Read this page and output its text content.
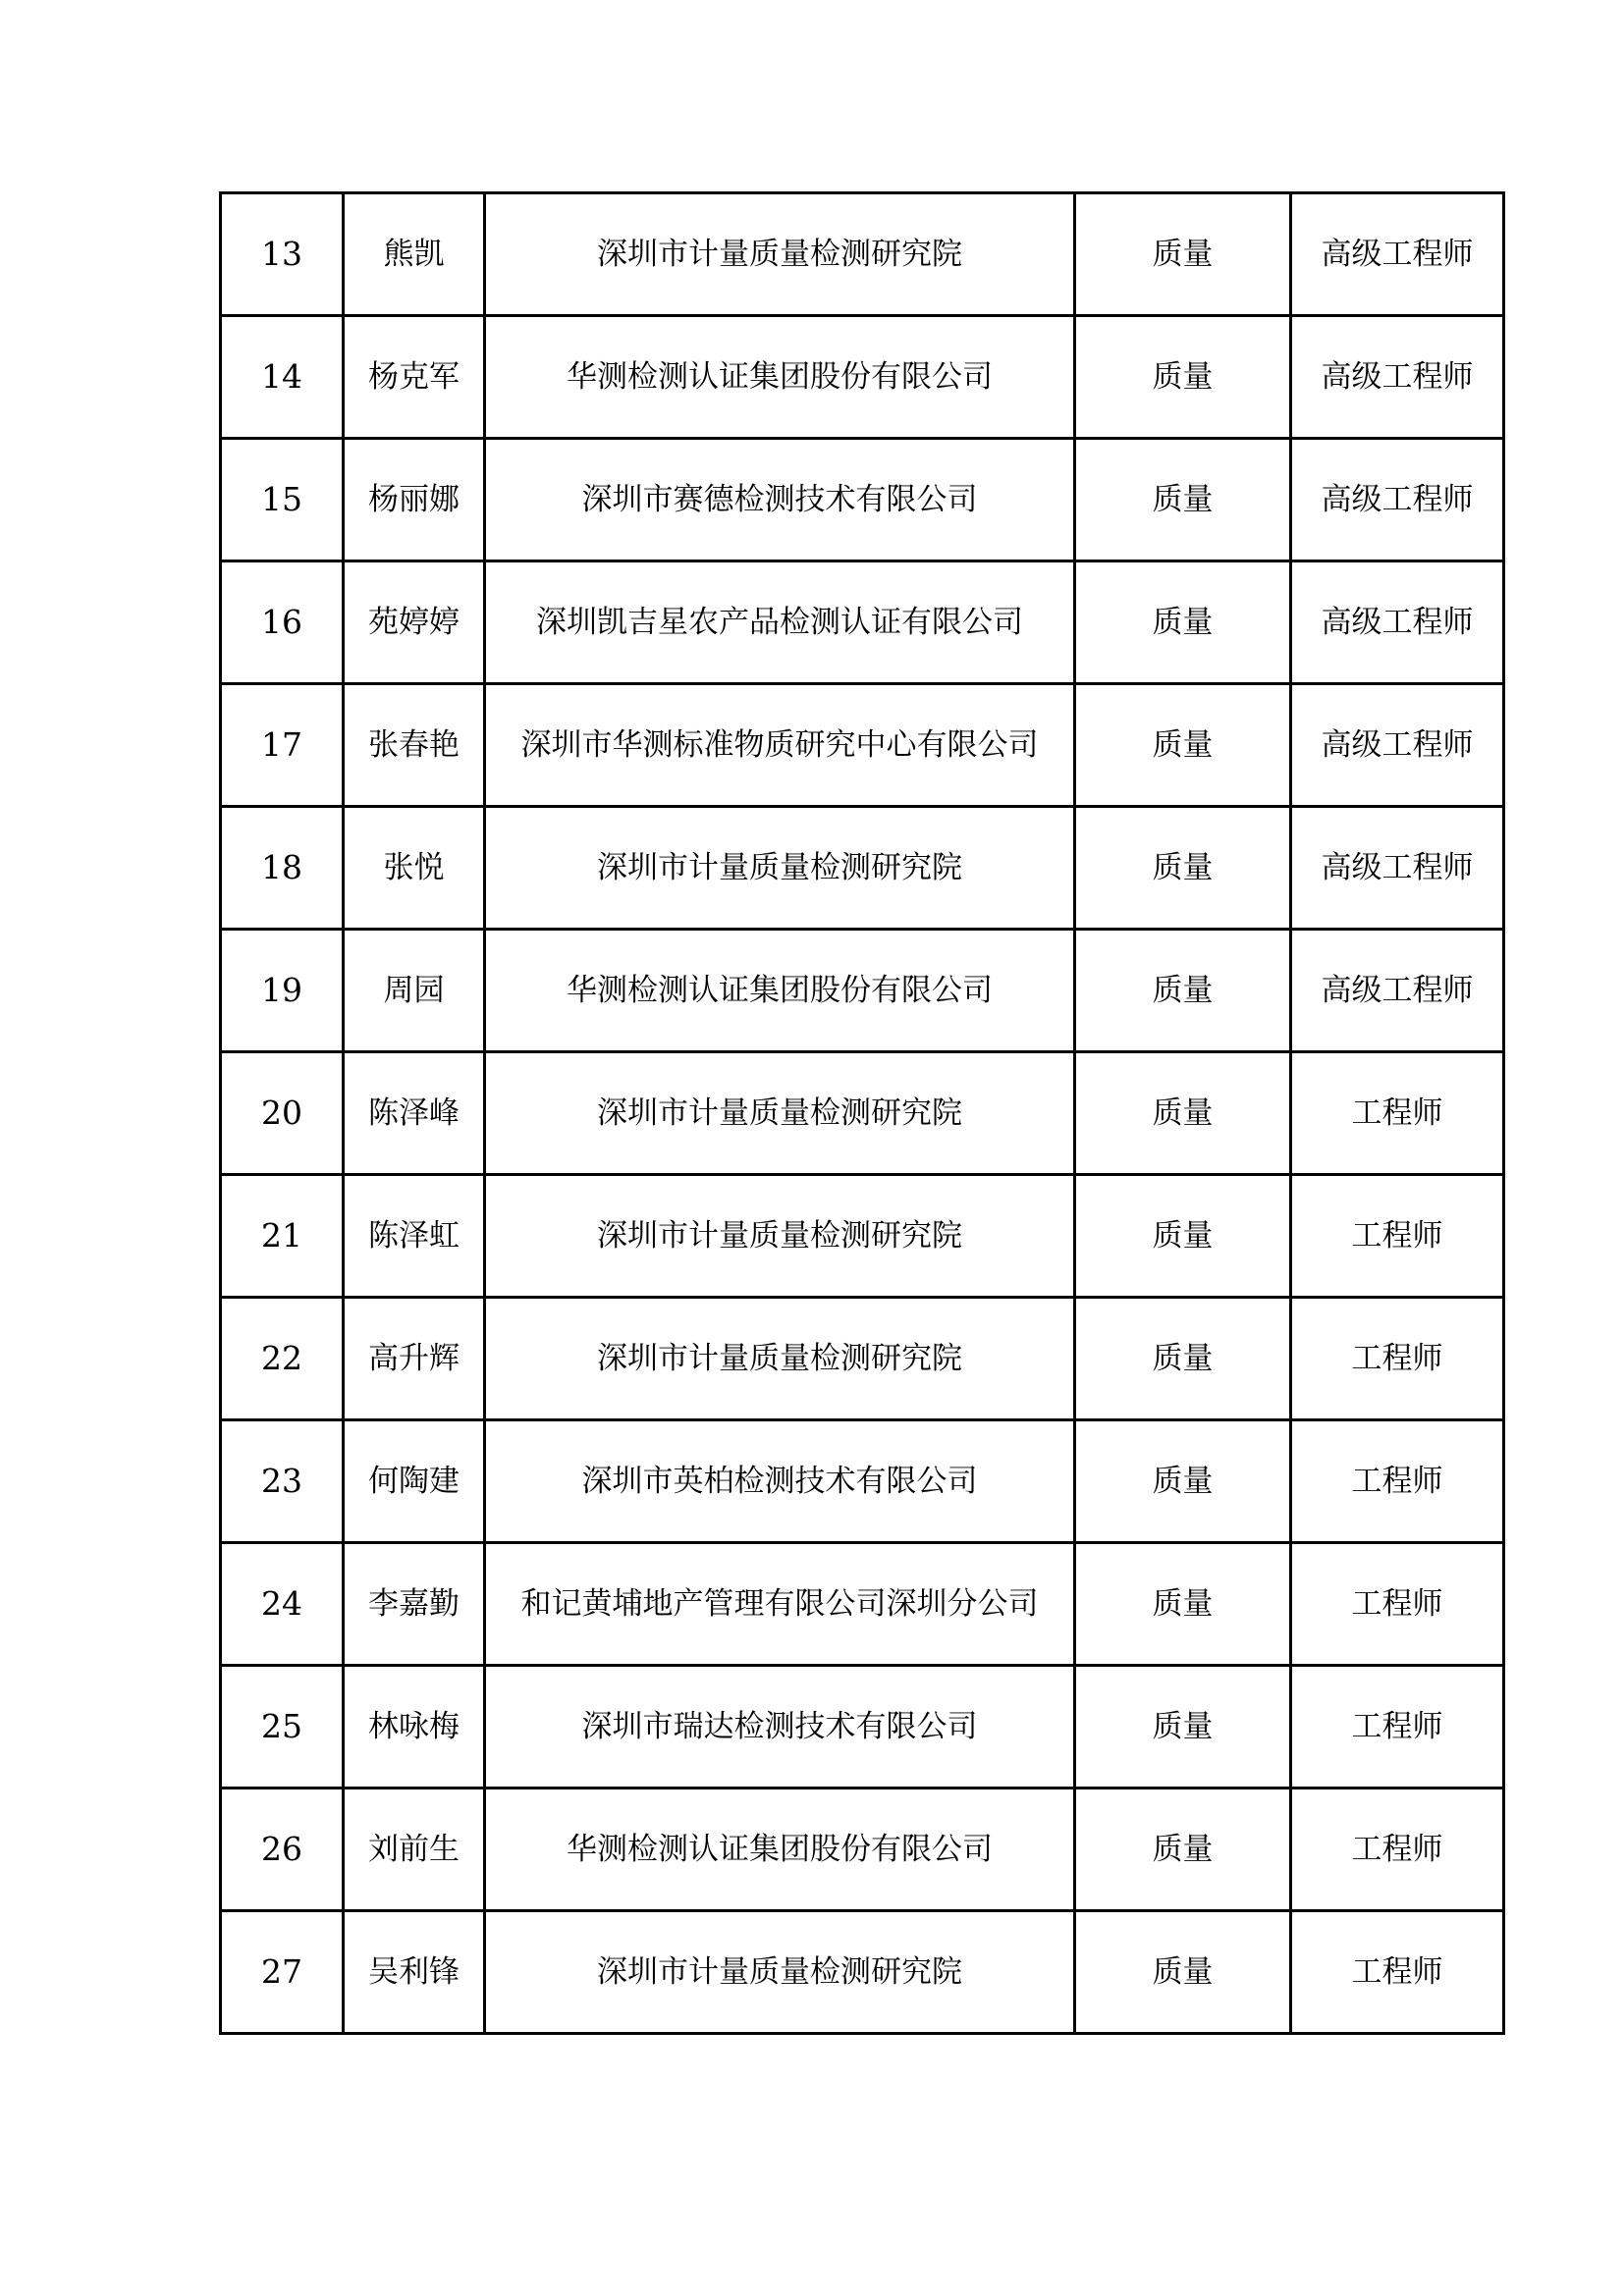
13	熊凯	深圳市计量质量检测研究院	质量	高级工程师
14	杨克军	华测检测认证集团股份有限公司	质量	高级工程师
15	杨丽娜	深圳市赛德检测技术有限公司	质量	高级工程师
16	苑婷婷	深圳凯吉星农产品检测认证有限公司	质量	高级工程师
17	张春艳	深圳市华测标准物质研究中心有限公司	质量	高级工程师
18	张悦	深圳市计量质量检测研究院	质量	高级工程师
19	周园	华测检测认证集团股份有限公司	质量	高级工程师
20	陈泽峰	深圳市计量质量检测研究院	质量	工程师
21	陈泽虹	深圳市计量质量检测研究院	质量	工程师
22	高升辉	深圳市计量质量检测研究院	质量	工程师
23	何陶建	深圳市英柏检测技术有限公司	质量	工程师
24	李嘉勤	和记黄埔地产管理有限公司深圳分公司	质量	工程师
25	林咏梅	深圳市瑞达检测技术有限公司	质量	工程师
26	刘前生	华测检测认证集团股份有限公司	质量	工程师
27	吴利锋	深圳市计量质量检测研究院	质量	工程师
